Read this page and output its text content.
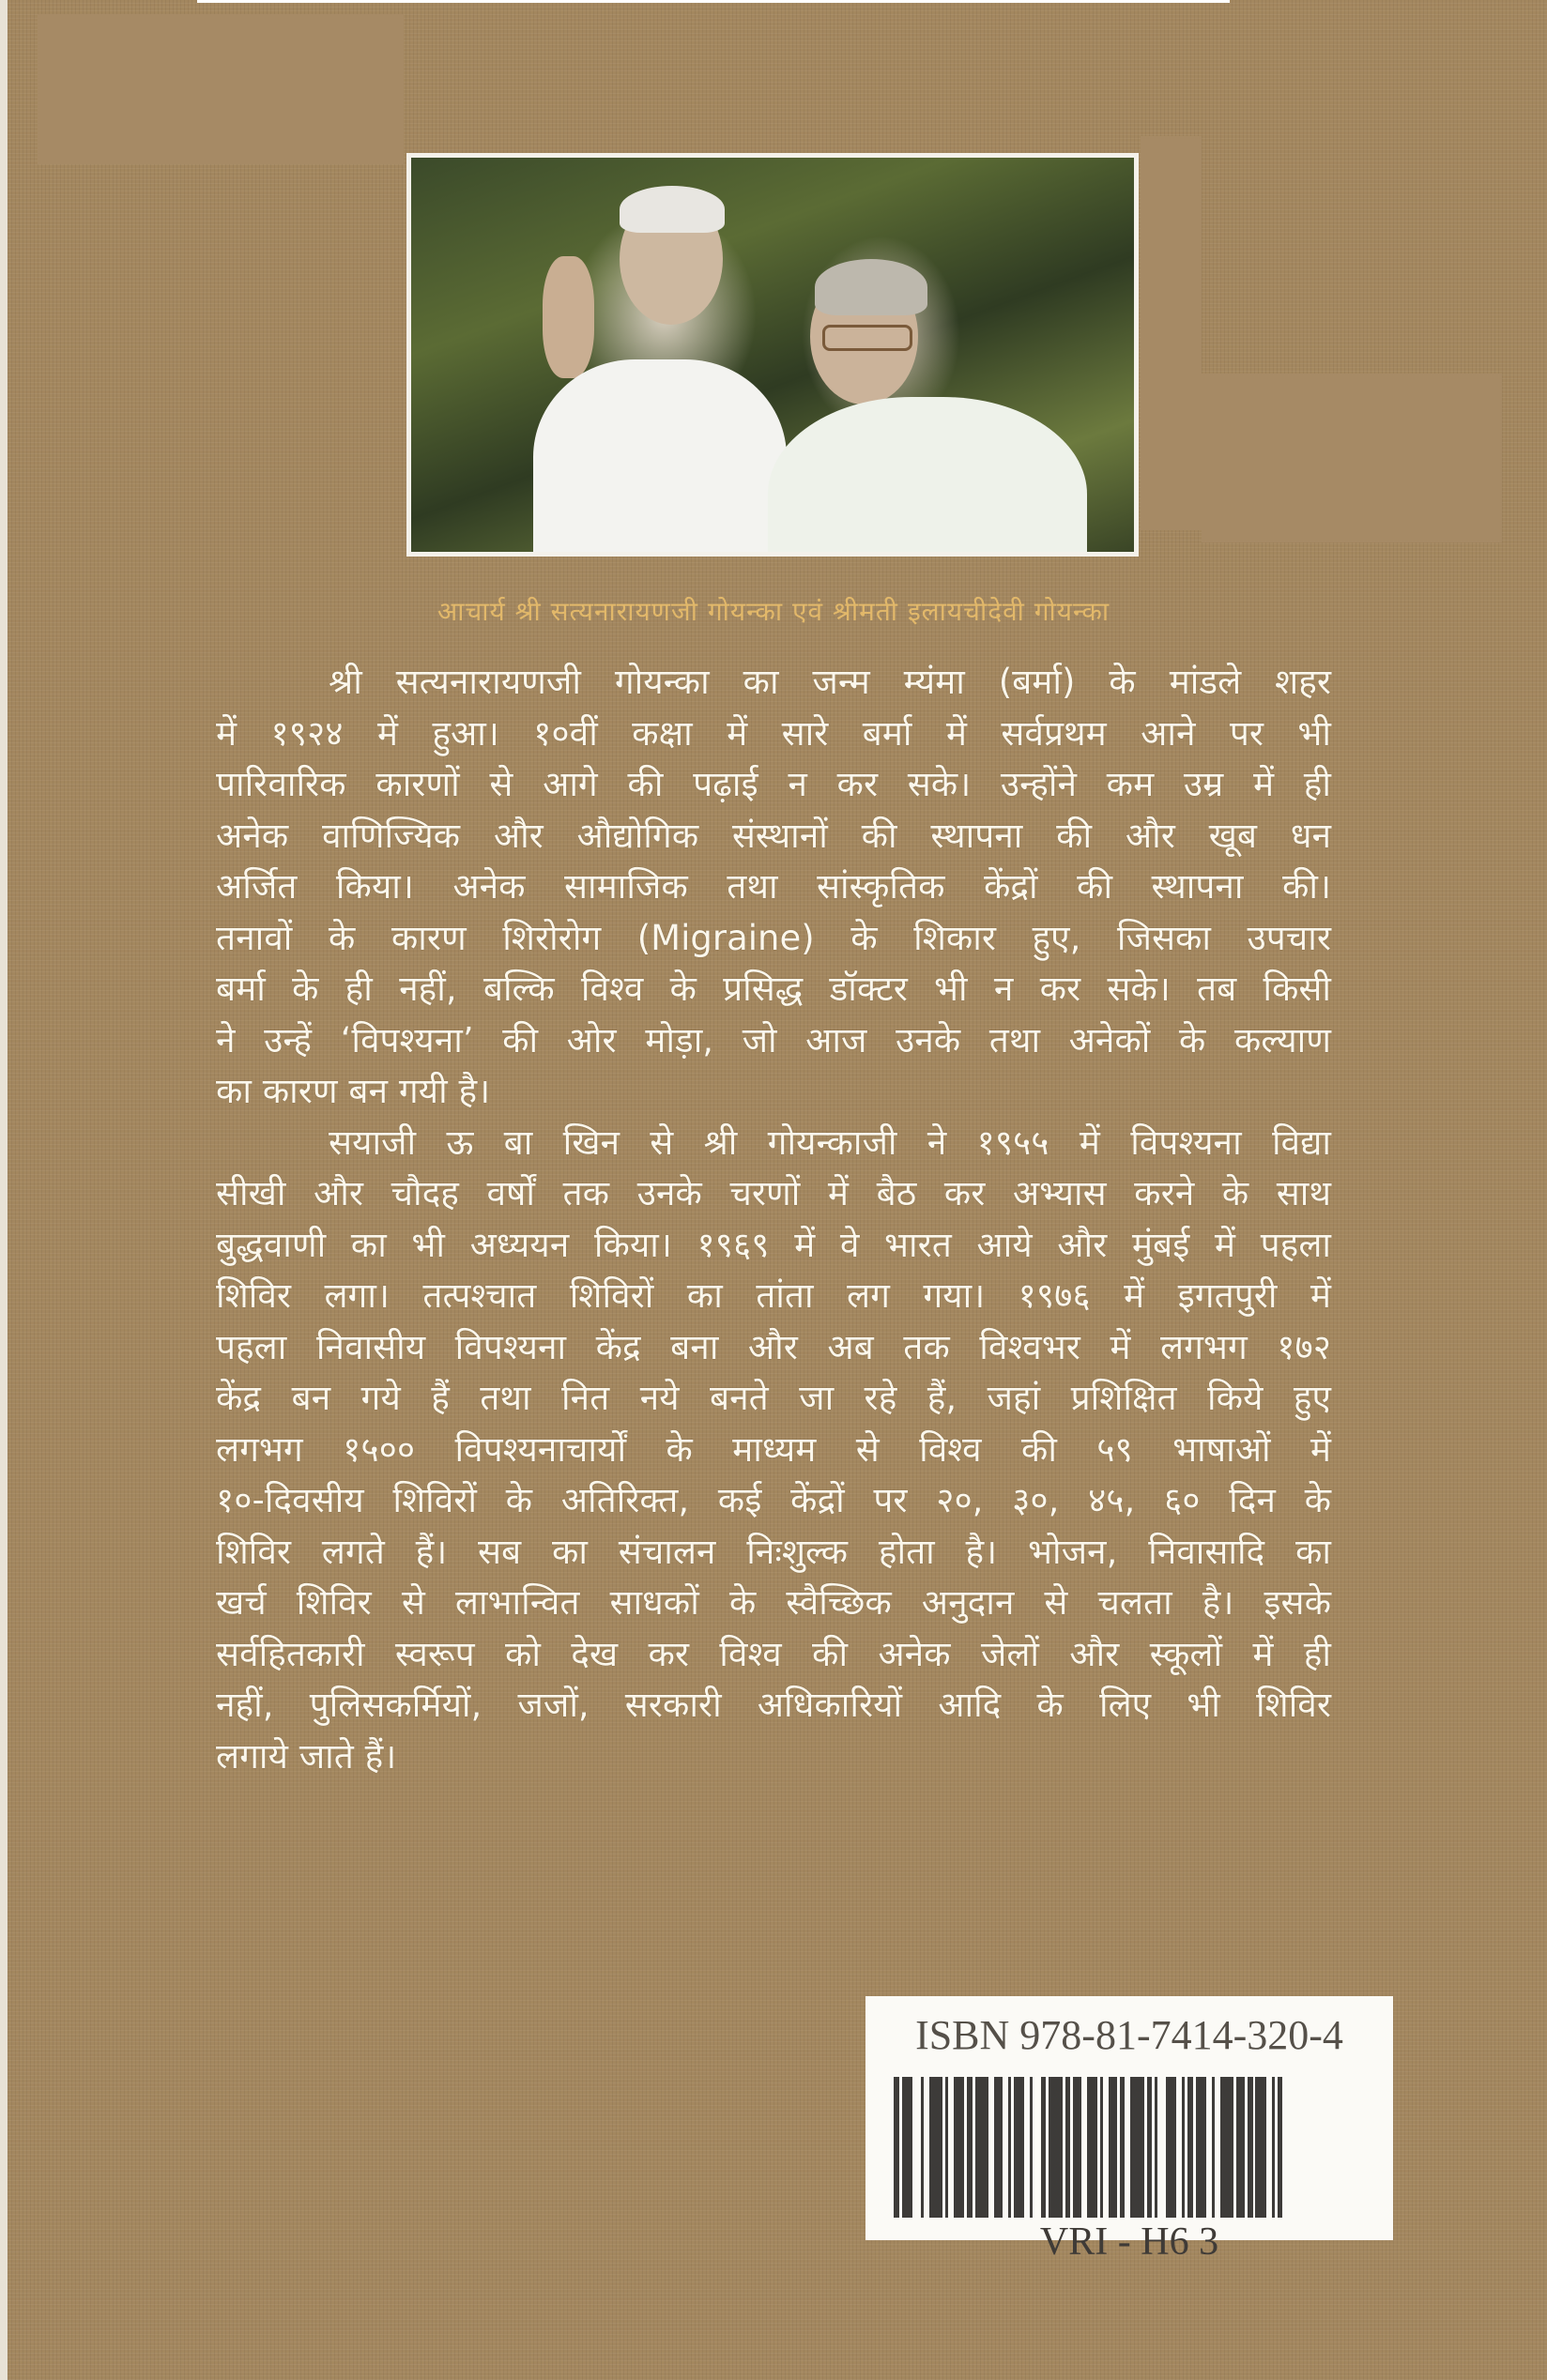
आचार्य श्री सत्यनारायणजी गोयन्का एवं श्रीमती इलायचीदेवी गोयन्का

श्री सत्यनारायणजी गोयन्का का जन्म म्यंमा (बर्मा) के मांडले शहर
में १९२४ में हुआ। १०वीं कक्षा में सारे बर्मा में सर्वप्रथम आने पर भी
पारिवारिक कारणों से आगे की पढ़ाई न कर सके। उन्होंने कम उम्र में ही
अनेक वाणिज्यिक और औद्योगिक संस्थानों की स्थापना की और खूब धन
अर्जित किया। अनेक सामाजिक तथा सांस्कृतिक केंद्रों की स्थापना की।
तनावों के कारण शिरोरोग (Migraine) के शिकार हुए, जिसका उपचार
बर्मा के ही नहीं, बल्कि विश्व के प्रसिद्ध डॉक्टर भी न कर सके। तब किसी
ने उन्हें ‘विपश्यना’ की ओर मोड़ा, जो आज उनके तथा अनेकों के कल्याण
का कारण बन गयी है।

सयाजी ऊ बा खिन से श्री गोयन्काजी ने १९५५ में विपश्यना विद्या
सीखी और चौदह वर्षों तक उनके चरणों में बैठ कर अभ्यास करने के साथ
बुद्धवाणी का भी अध्ययन किया। १९६९ में वे भारत आये और मुंबई में पहला
शिविर लगा। तत्पश्चात शिविरों का तांता लग गया। १९७६ में इगतपुरी में
पहला निवासीय विपश्यना केंद्र बना और अब तक विश्वभर में लगभग १७२
केंद्र बन गये हैं तथा नित नये बनते जा रहे हैं, जहां प्रशिक्षित किये हुए
लगभग १५०० विपश्यनाचार्यों के माध्यम से विश्व की ५९ भाषाओं में
१०-दिवसीय शिविरों के अतिरिक्त, कई केंद्रों पर २०, ३०, ४५, ६० दिन के
शिविर लगते हैं। सब का संचालन निःशुल्क होता है। भोजन, निवासादि का
खर्च शिविर से लाभान्वित साधकों के स्वैच्छिक अनुदान से चलता है। इसके
सर्वहितकारी स्वरूप को देख कर विश्व की अनेक जेलों और स्कूलों में ही
नहीं, पुलिसकर्मियों, जजों, सरकारी अधिकारियों आदि के लिए भी शिविर
लगाये जाते हैं।

ISBN 978-81-7414-320-4
VRI - H6 3
